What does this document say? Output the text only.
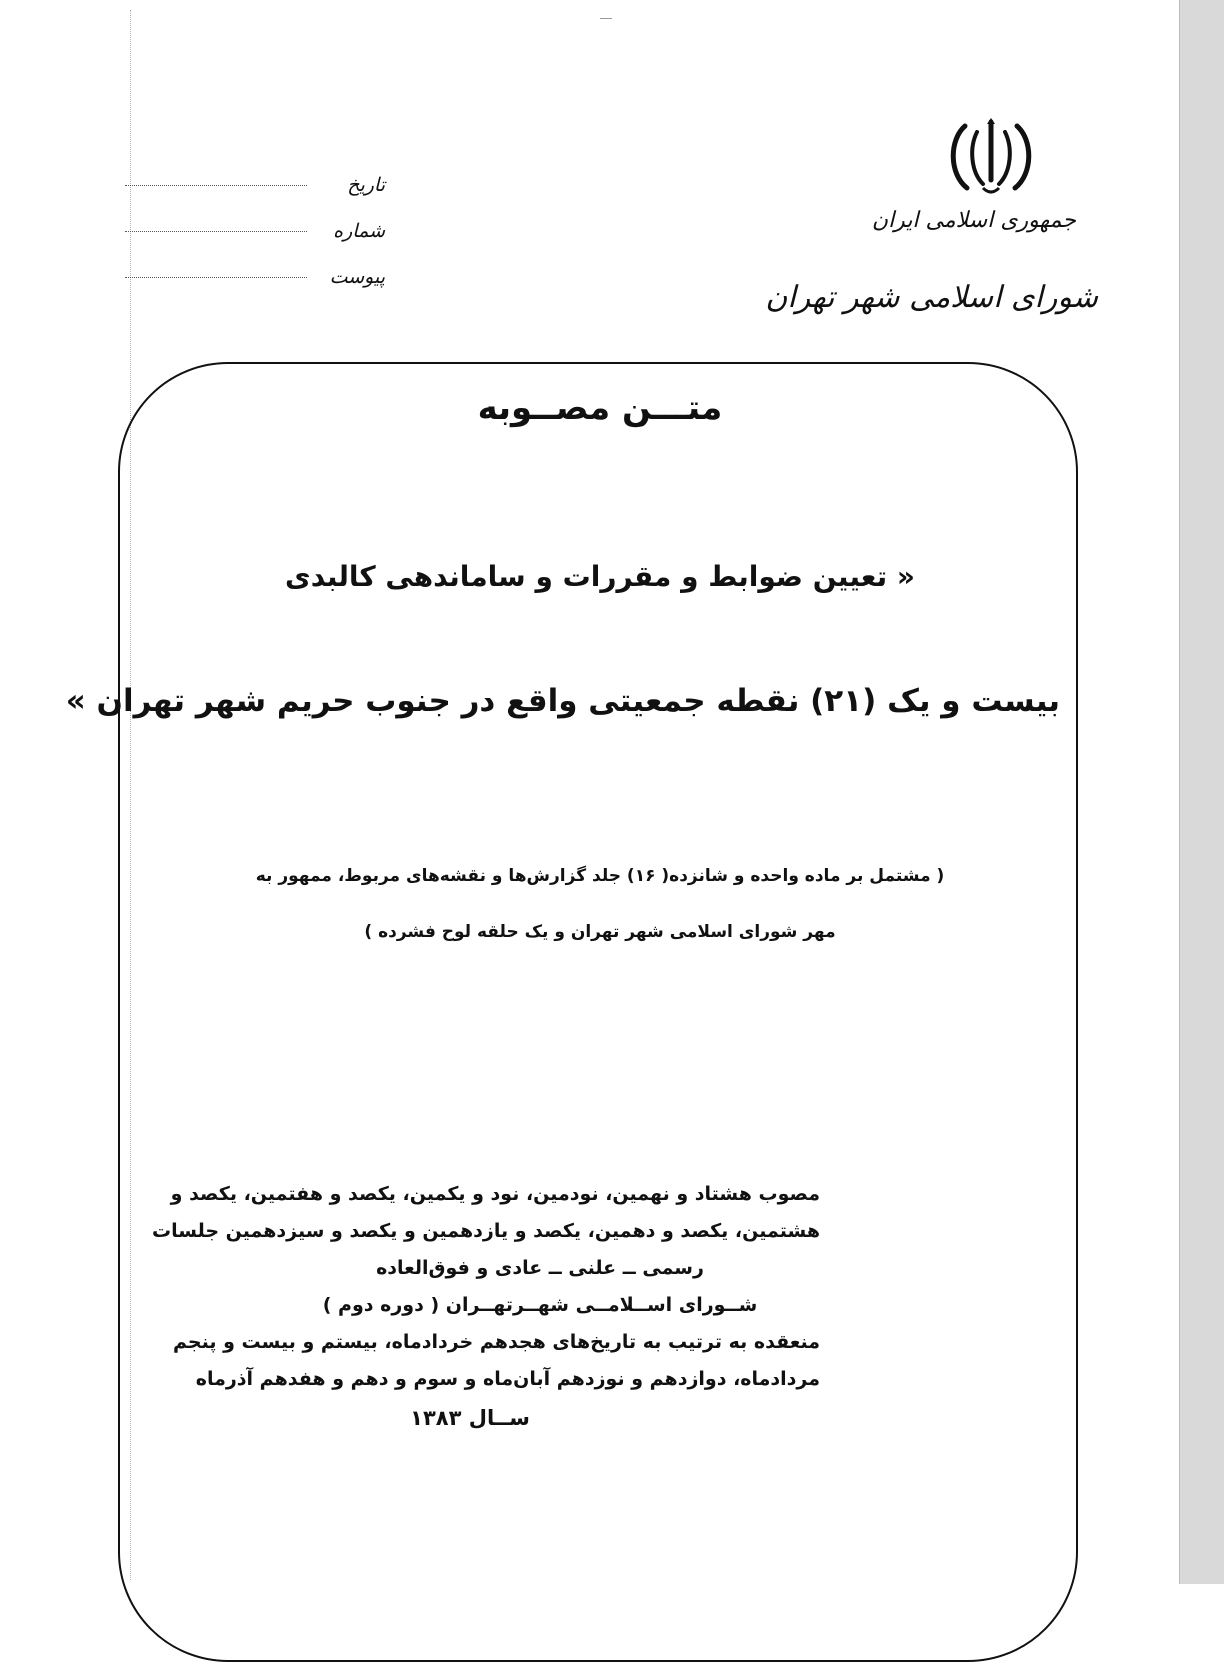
تاریخ
شماره
پیوست
جمهوری اسلامی ایران
شورای اسلامی شهر تهران
متـــن مصــوبه
« تعیین ضوابط و مقررات و ساماندهی کالبدی
بیست و یک (۲۱) نقطه جمعیتی واقع در جنوب حریم شهر تهران »
( مشتمل بر ماده واحده و شانزده( ۱۶) جلد گزارش‌ها و نقشه‌های مربوط، ممهور به
مهر شورای اسلامی شهر تهران و یک حلقه لوح فشرده )
مصوب هشتاد و نهمین، نودمین، نود و یکمین، یکصد و هفتمین، یکصد و
هشتمین، یکصد و دهمین، یکصد و یازدهمین و یکصد و سیزدهمین جلسات
رسمی ــ علنی ــ عادی و فوق‌العاده
شــورای اســلامــی شهــرتهــران ( دوره دوم )
منعقده به ترتیب به تاریخ‌های هجدهم خردادماه، بیستم و بیست و پنجم
مردادماه، دوازدهم و نوزدهم آبان‌ماه و سوم و دهم و هفدهم آذرماه
ســال ۱۳۸۳
